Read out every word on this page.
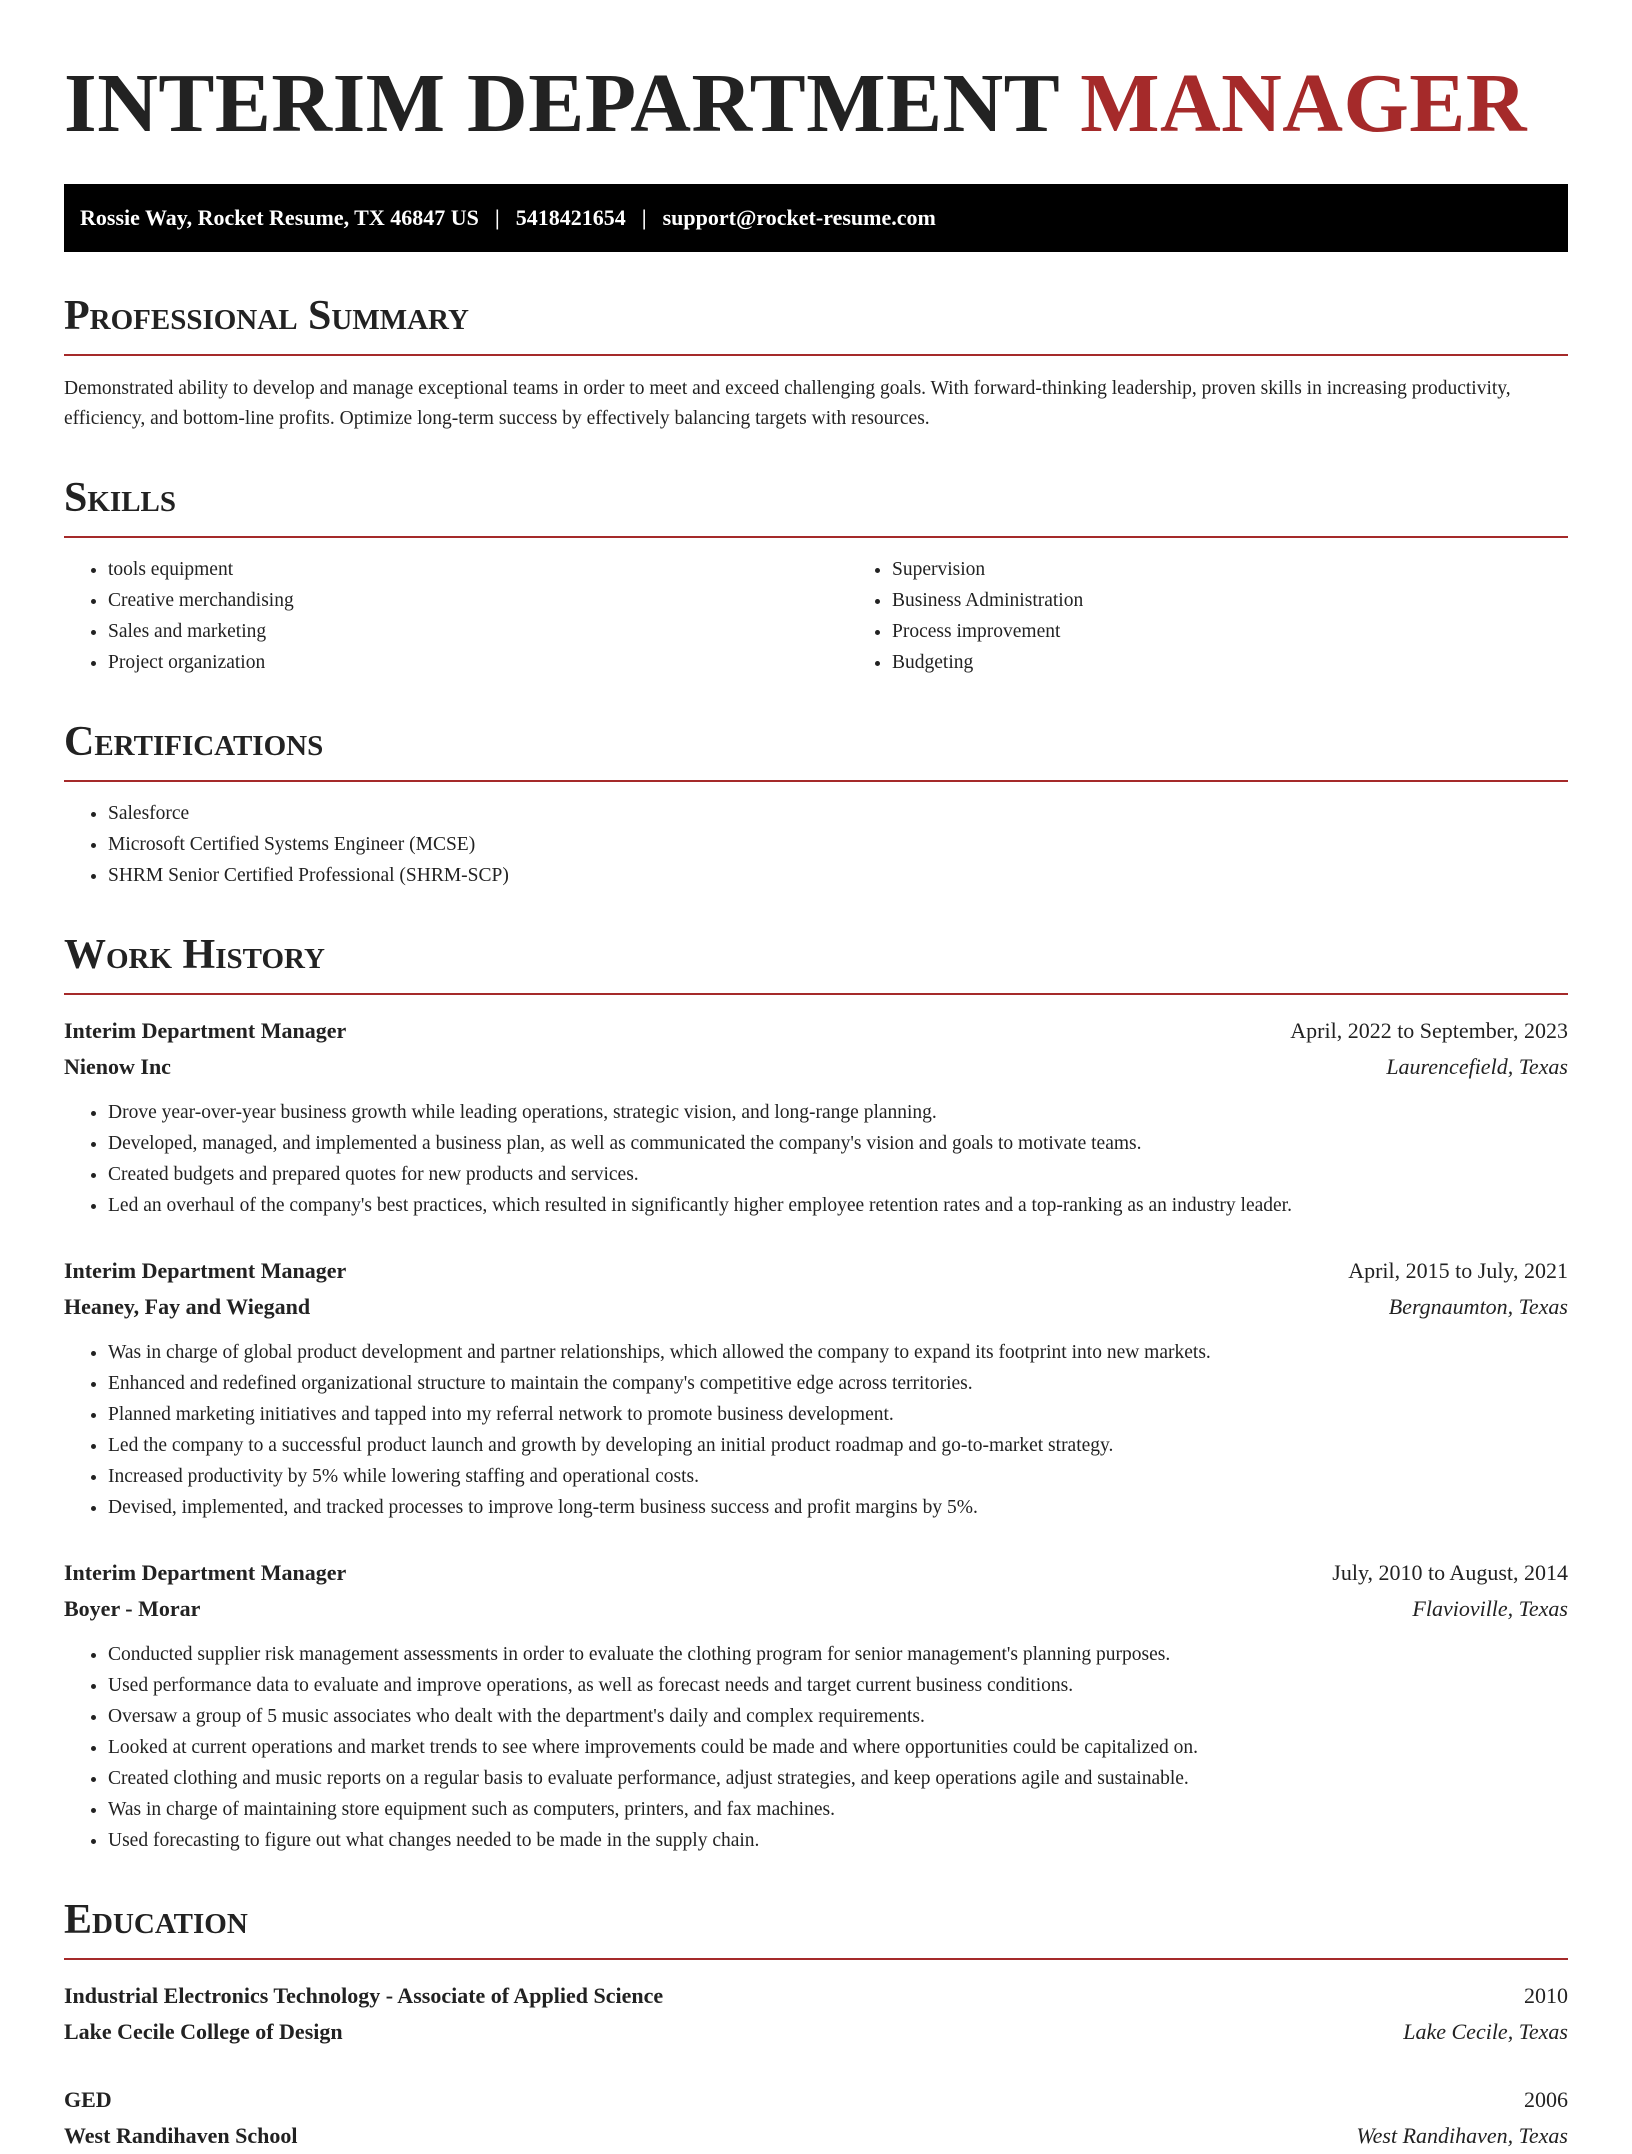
INTERIM DEPARTMENT MANAGER
Rossie Way, Rocket Resume, TX 46847 US | 5418421654 | support@rocket-resume.com
Professional Summary

Demonstrated ability to develop and manage exceptional teams in order to meet and exceed challenging goals. With forward-thinking leadership, proven skills in increasing productivity, efficiency, and bottom-line profits. Optimize long-term success by effectively balancing targets with resources.

Skills
• tools equipment
• Creative merchandising
• Sales and marketing
• Project organization
• Supervision
• Business Administration
• Process improvement
• Budgeting
Certifications
• Salesforce
• Microsoft Certified Systems Engineer (MCSE)
• SHRM Senior Certified Professional (SHRM-SCP)
Work History
Interim Department Manager	April, 2022 to September, 2023
Nienow Inc	Laurencefield, Texas
• Drove year-over-year business growth while leading operations, strategic vision, and long-range planning.
• Developed, managed, and implemented a business plan, as well as communicated the company's vision and goals to motivate teams.
• Created budgets and prepared quotes for new products and services.
• Led an overhaul of the company's best practices, which resulted in significantly higher employee retention rates and a top-ranking as an industry leader.
Interim Department Manager	April, 2015 to July, 2021
Heaney, Fay and Wiegand	Bergnaumton, Texas
• Was in charge of global product development and partner relationships, which allowed the company to expand its footprint into new markets.
• Enhanced and redefined organizational structure to maintain the company's competitive edge across territories.
• Planned marketing initiatives and tapped into my referral network to promote business development.
• Led the company to a successful product launch and growth by developing an initial product roadmap and go-to-market strategy.
• Increased productivity by 5% while lowering staffing and operational costs.
• Devised, implemented, and tracked processes to improve long-term business success and profit margins by 5%.
Interim Department Manager	July, 2010 to August, 2014
Boyer - Morar	Flavioville, Texas
• Conducted supplier risk management assessments in order to evaluate the clothing program for senior management's planning purposes.
• Used performance data to evaluate and improve operations, as well as forecast needs and target current business conditions.
• Oversaw a group of 5 music associates who dealt with the department's daily and complex requirements.
• Looked at current operations and market trends to see where improvements could be made and where opportunities could be capitalized on.
• Created clothing and music reports on a regular basis to evaluate performance, adjust strategies, and keep operations agile and sustainable.
• Was in charge of maintaining store equipment such as computers, printers, and fax machines.
• Used forecasting to figure out what changes needed to be made in the supply chain.
Education
Industrial Electronics Technology - Associate of Applied Science	2010
Lake Cecile College of Design	Lake Cecile, Texas
GED	2006
West Randihaven School	West Randihaven, Texas
